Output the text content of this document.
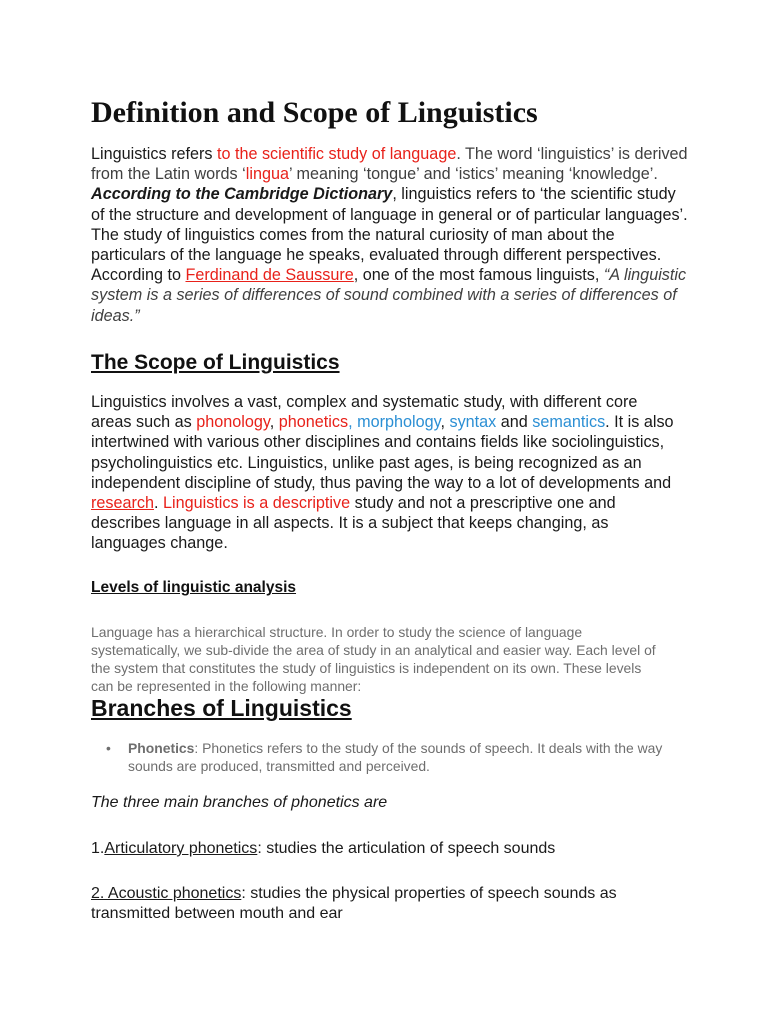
Definition and Scope of Linguistics

Linguistics refers to the scientific study of language. The word ‘linguistics’ is derived from the Latin words ‘lingua’ meaning ‘tongue’ and ‘istics’ meaning ‘knowledge’. According to the Cambridge Dictionary, linguistics refers to ‘the scientific study of the structure and development of language in general or of particular languages’. The study of linguistics comes from the natural curiosity of man about the particulars of the language he speaks, evaluated through different perspectives. According to Ferdinand de Saussure, one of the most famous linguists, “A linguistic system is a series of differences of sound combined with a series of differences of ideas.”

The Scope of Linguistics

Linguistics involves a vast, complex and systematic study, with different core areas such as phonology, phonetics, morphology, syntax and semantics. It is also intertwined with various other disciplines and contains fields like sociolinguistics, psycholinguistics etc. Linguistics, unlike past ages, is being recognized as an independent discipline of study, thus paving the way to a lot of developments and research. Linguistics is a descriptive study and not a prescriptive one and describes language in all aspects. It is a subject that keeps changing, as languages change.

Levels of linguistic analysis

Language has a hierarchical structure. In order to study the science of language systematically, we sub-divide the area of study in an analytical and easier way. Each level of the system that constitutes the study of linguistics is independent on its own. These levels can be represented in the following manner:

Branches of Linguistics
• Phonetics: Phonetics refers to the study of the sounds of speech. It deals with the way sounds are produced, transmitted and perceived.

The three main branches of phonetics are

1.Articulatory phonetics: studies the articulation of speech sounds

2. Acoustic phonetics: studies the physical properties of speech sounds as transmitted between mouth and ear
